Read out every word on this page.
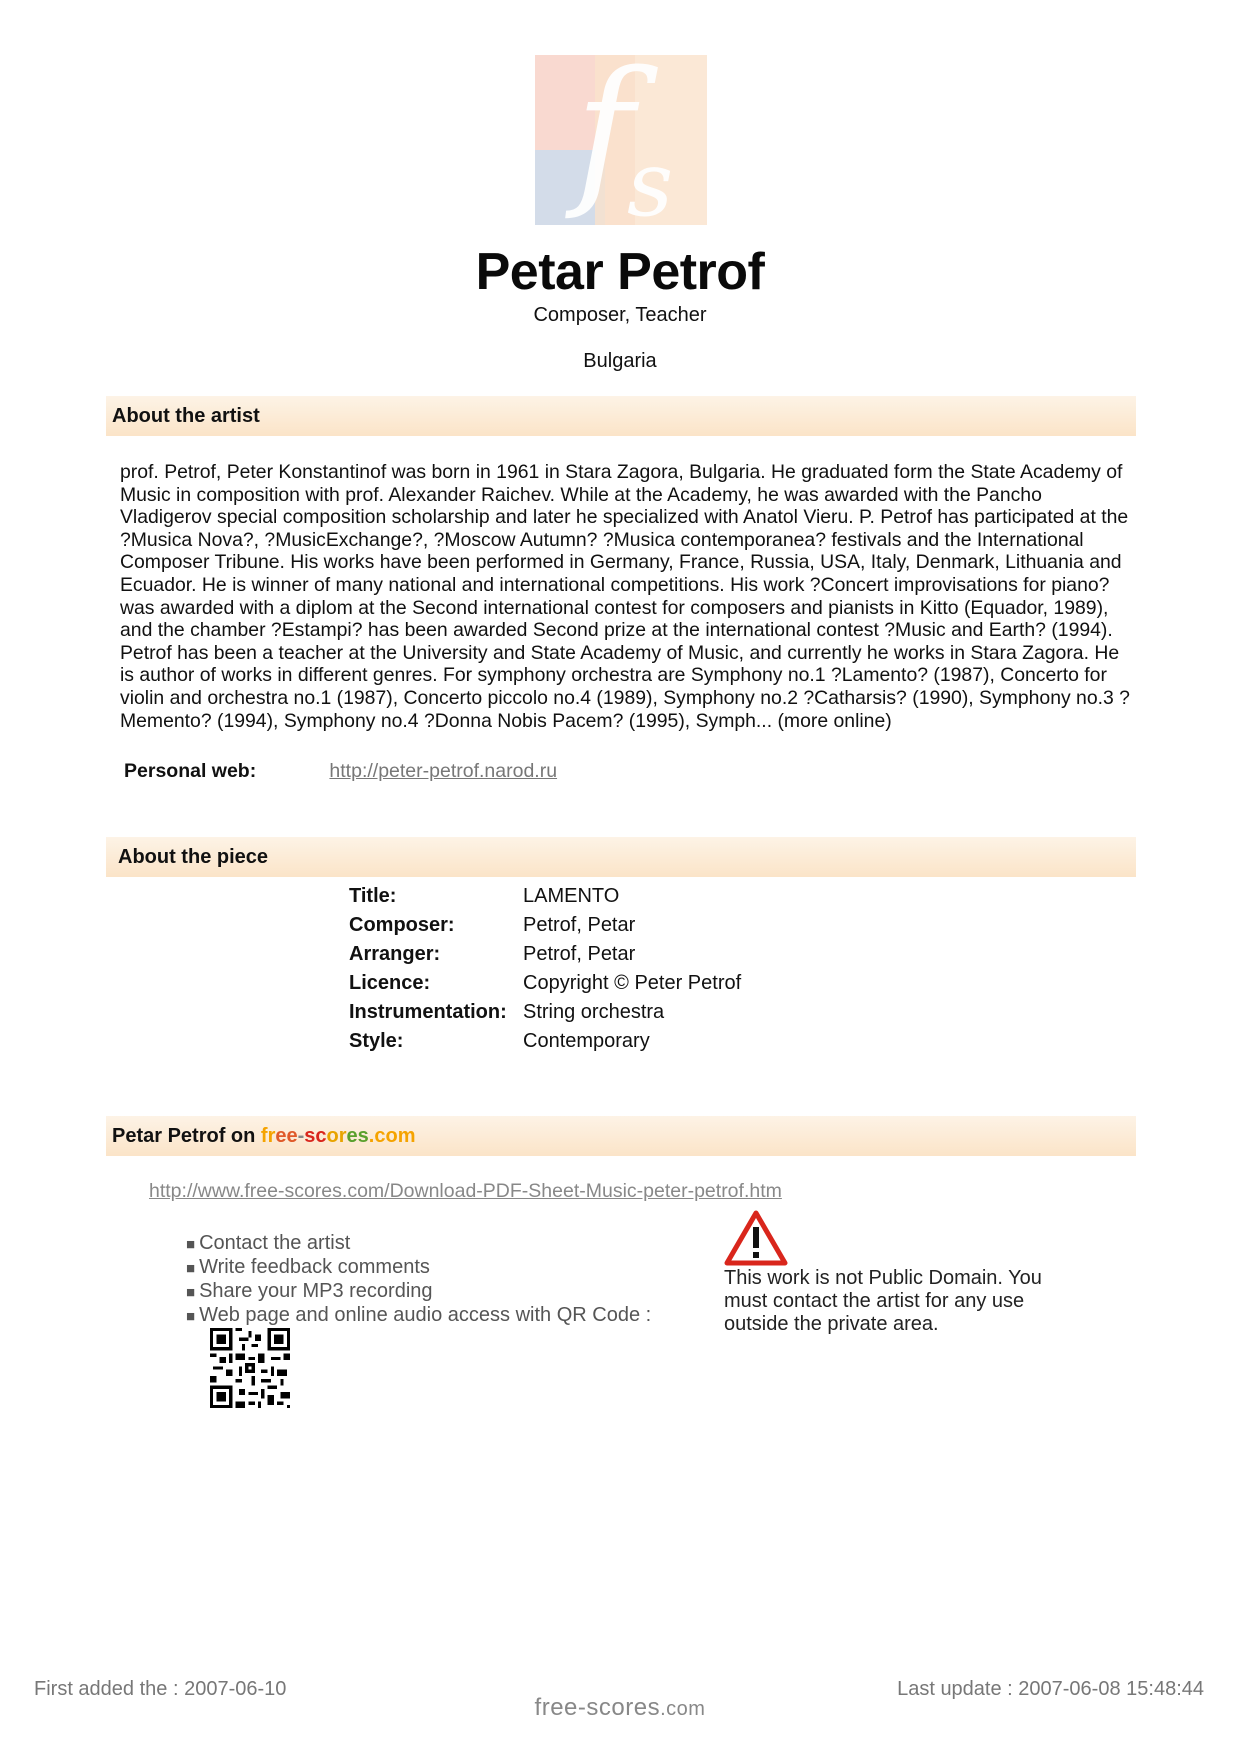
f
s
Petar Petrof
Composer, Teacher
Bulgaria
About the artist
prof. Petrof, Peter Konstantinof was born in 1961 in Stara Zagora, Bulgaria. He graduated form the State Academy of Music in composition with prof. Alexander Raichev. While at the Academy, he was awarded with the Pancho Vladigerov special composition scholarship and later he specialized with Anatol Vieru. P. Petrof has participated at the ?Musica Nova?, ?MusicExchange?, ?Moscow Autumn? ?Musica contemporanea? festivals and the International Composer Tribune. His works have been performed in Germany, France, Russia, USA, Italy, Denmark, Lithuania and Ecuador. He is winner of many national and international competitions. His work ?Concert improvisations for piano? was awarded with a diplom at the Second international contest for composers and pianists in Kitto (Equador, 1989), and the chamber ?Estampi? has been awarded Second prize at the international contest ?Music and Earth? (1994). Petrof has been a teacher at the University and State Academy of Music, and currently he works in Stara Zagora. He is author of works in different genres. For symphony orchestra are Symphony no.1 ?Lamento? (1987), Concerto for violin and orchestra no.1 (1987), Concerto piccolo no.4 (1989), Symphony no.2 ?Catharsis? (1990), Symphony no.3 ?Memento? (1994), Symphony no.4 ?Donna Nobis Pacem? (1995), Symph... (more online)
Personal web:	http://peter-petrof.narod.ru
About the piece
Title:	LAMENTO
Composer:	Petrof, Petar
Arranger:	Petrof, Petar
Licence:	Copyright © Peter Petrof
Instrumentation:	String orchestra
Style:	Contemporary
Petar Petrof on free-scores.com
http://www.free-scores.com/Download-PDF-Sheet-Music-peter-petrof.htm
■ Contact the artist
■ Write feedback comments
■ Share your MP3 recording
■ Web page and online audio access with QR Code :
This work is not Public Domain. You must contact the artist for any use outside the private area.
First added the : 2007-06-10	Last update : 2007-06-08 15:48:44
free-scores.com
